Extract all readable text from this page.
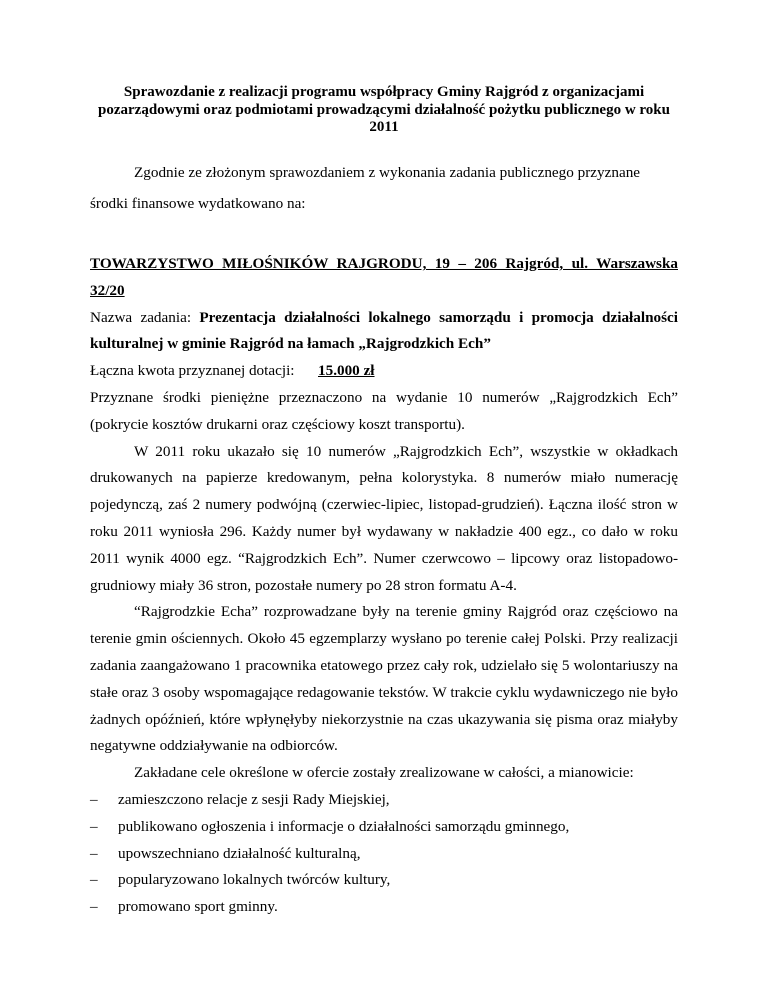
Sprawozdanie z realizacji programu współpracy Gminy Rajgród z organizacjami pozarządowymi oraz podmiotami prowadzącymi działalność pożytku publicznego w roku 2011
Zgodnie ze złożonym sprawozdaniem z wykonania zadania publicznego przyznane
środki finansowe wydatkowano na:

TOWARZYSTWO MIŁOŚNIKÓW RAJGRODU, 19 – 206 Rajgród, ul. Warszawska 32/20

Nazwa zadania: Prezentacja działalności lokalnego samorządu i promocja działalności kulturalnej w gminie Rajgród na łamach „Rajgrodzkich Ech”

Łączna kwota przyznanej dotacji:	15.000 zł

Przyznane środki pieniężne przeznaczono na wydanie 10 numerów „Rajgrodzkich Ech” (pokrycie kosztów drukarni oraz częściowy koszt transportu).

W 2011 roku ukazało się 10 numerów „Rajgrodzkich Ech”, wszystkie w okładkach drukowanych na papierze kredowanym, pełna kolorystyka. 8 numerów miało numerację pojedynczą, zaś 2 numery podwójną (czerwiec-lipiec, listopad-grudzień). Łączna ilość stron w roku 2011 wyniosła 296. Każdy numer był wydawany w nakładzie 400 egz., co dało w roku 2011 wynik 4000 egz. “Rajgrodzkich Ech”. Numer czerwcowo – lipcowy oraz listopadowo-grudniowy miały 36 stron, pozostałe numery po 28 stron formatu A-4.

“Rajgrodzkie Echa” rozprowadzane były na terenie gminy Rajgród oraz częściowo na terenie gmin ościennych. Około 45 egzemplarzy wysłano po terenie całej Polski. Przy realizacji zadania zaangażowano 1 pracownika etatowego przez cały rok, udzielało się 5 wolontariuszy na stałe oraz 3 osoby wspomagające redagowanie tekstów. W trakcie cyklu wydawniczego nie było żadnych opóźnień, które wpłynęłyby niekorzystnie na czas ukazywania się pisma oraz miałyby negatywne oddziaływanie na odbiorców.

Zakładane cele określone w ofercie zostały zrealizowane w całości, a mianowicie:

– zamieszczono relacje z sesji Rady Miejskiej,
– publikowano ogłoszenia i informacje o działalności samorządu gminnego,
– upowszechniano działalność kulturalną,
– popularyzowano lokalnych twórców kultury,
– promowano sport gminny.
